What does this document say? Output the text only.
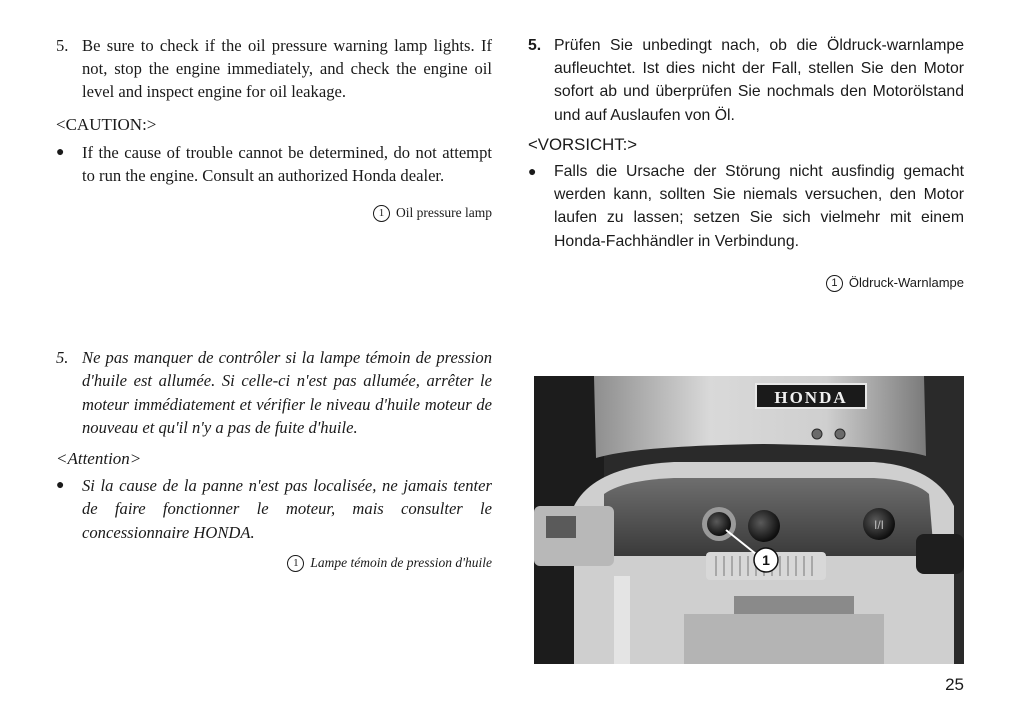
5. Be sure to check if the oil pressure warning lamp lights. If not, stop the engine immediately, and check the engine oil level and inspect engine for oil leakage.
<CAUTION:>
●	If the cause of trouble cannot be determined, do not attempt to run the engine. Consult an authorized Honda dealer.
1 Oil pressure lamp
5. Prüfen Sie unbedingt nach, ob die Öldruck-warnlampe aufleuchtet. Ist dies nicht der Fall, stellen Sie den Motor sofort ab und überprüfen Sie nochmals den Motorölstand und auf Auslaufen von Öl.
<VORSICHT:>
●	Falls die Ursache der Störung nicht ausfindig gemacht werden kann, sollten Sie niemals versuchen, den Motor laufen zu lassen; setzen Sie sich vielmehr mit einem Honda-Fachhändler in Verbindung.
1 Öldruck-Warnlampe
5. Ne pas manquer de contrôler si la lampe témoin de pression d'huile est allumée. Si celle-ci n'est pas allumée, arrêter le moteur immédiatement et vérifier le niveau d'huile moteur de nouveau et qu'il n'y a pas de fuite d'huile.
<Attention>
●	Si la cause de la panne n'est pas localisée, ne jamais tenter de faire fonctionner le moteur, mais consulter le concessionnaire HONDA.
1 Lampe témoin de pression d'huile
HONDA
I/I
1
25
